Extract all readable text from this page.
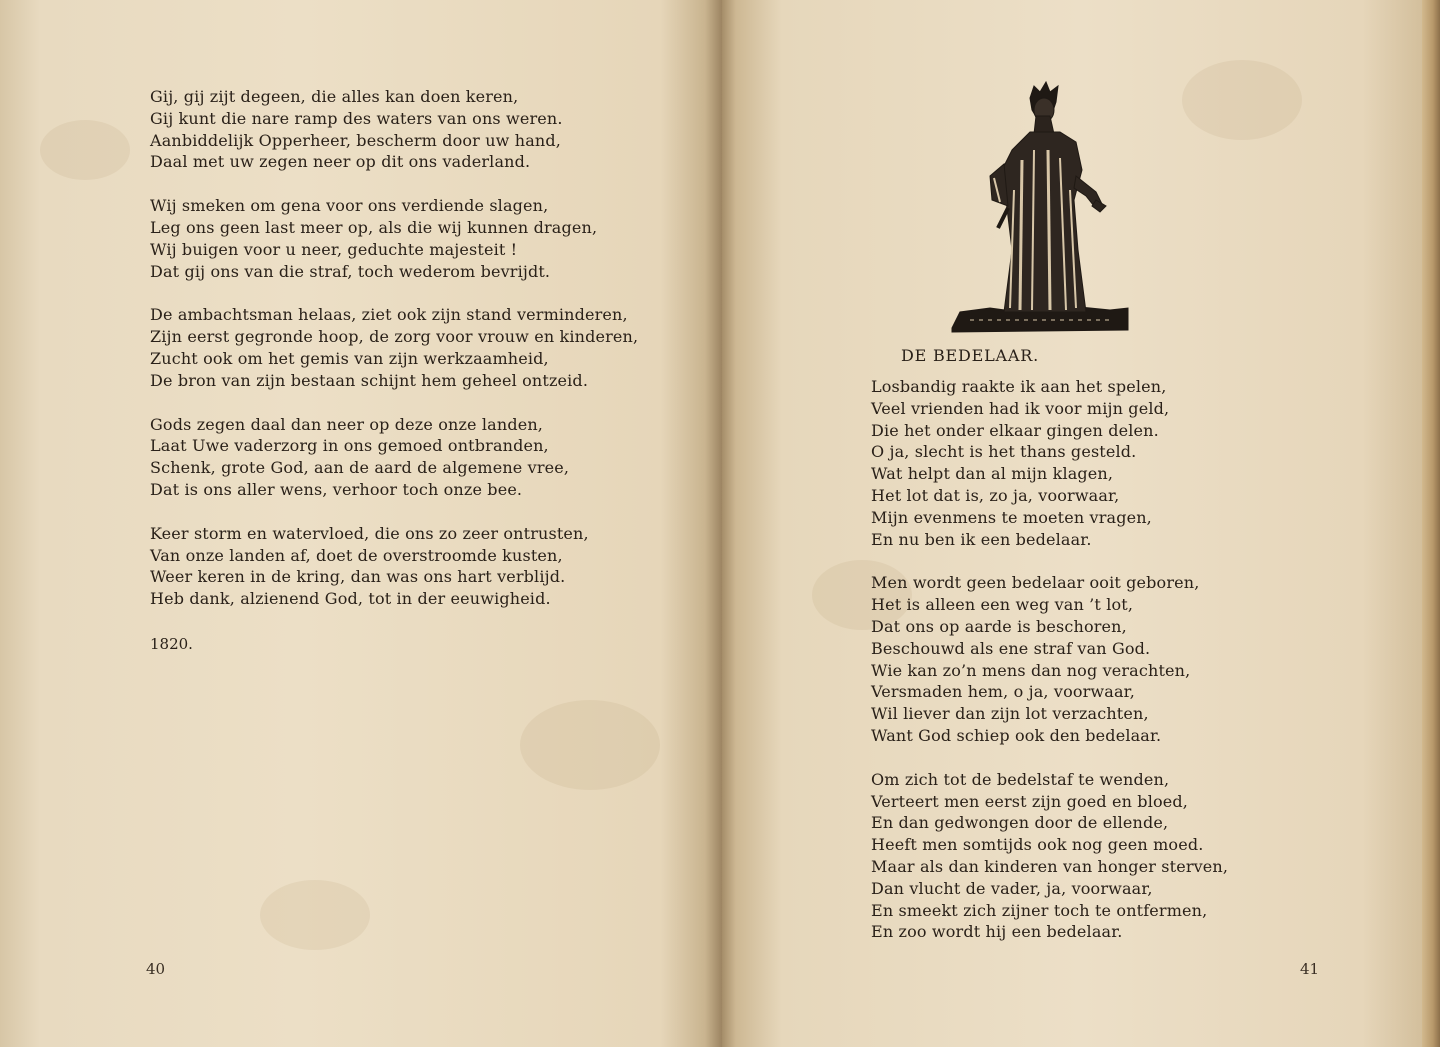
Gij, gij zijt degeen, die alles kan doen keren,
Gij kunt die nare ramp des waters van ons weren.
Aanbiddelijk Opperheer, bescherm door uw hand,
Daal met uw zegen neer op dit ons vaderland.
Wij smeken om gena voor ons verdiende slagen,
Leg ons geen last meer op, als die wij kunnen dragen,
Wij buigen voor u neer, geduchte majesteit !
Dat gij ons van die straf, toch wederom bevrijdt.
De ambachtsman helaas, ziet ook zijn stand verminderen,
Zijn eerst gegronde hoop, de zorg voor vrouw en kinderen,
Zucht ook om het gemis van zijn werkzaamheid,
De bron van zijn bestaan schijnt hem geheel ontzeid.
Gods zegen daal dan neer op deze onze landen,
Laat Uwe vaderzorg in ons gemoed ontbranden,
Schenk, grote God, aan de aard de algemene vree,
Dat is ons aller wens, verhoor toch onze bee.
Keer storm en watervloed, die ons zo zeer ontrusten,
Van onze landen af, doet de overstroomde kusten,
Weer keren in de kring, dan was ons hart verblijd.
Heb dank, alzienend God, tot in der eeuwigheid.
1820.
40
DE BEDELAAR.
Losbandig raakte ik aan het spelen,
Veel vrienden had ik voor mijn geld,
Die het onder elkaar gingen delen.
O ja, slecht is het thans gesteld.
Wat helpt dan al mijn klagen,
Het lot dat is, zo ja, voorwaar,
Mijn evenmens te moeten vragen,
En nu ben ik een bedelaar.
Men wordt geen bedelaar ooit geboren,
Het is alleen een weg van ’t lot,
Dat ons op aarde is beschoren,
Beschouwd als ene straf van God.
Wie kan zo’n mens dan nog verachten,
Versmaden hem, o ja, voorwaar,
Wil liever dan zijn lot verzachten,
Want God schiep ook den bedelaar.
Om zich tot de bedelstaf te wenden,
Verteert men eerst zijn goed en bloed,
En dan gedwongen door de ellende,
Heeft men somtijds ook nog geen moed.
Maar als dan kinderen van honger sterven,
Dan vlucht de vader, ja, voorwaar,
En smeekt zich zijner toch te ontfermen,
En zoo wordt hij een bedelaar.
41
